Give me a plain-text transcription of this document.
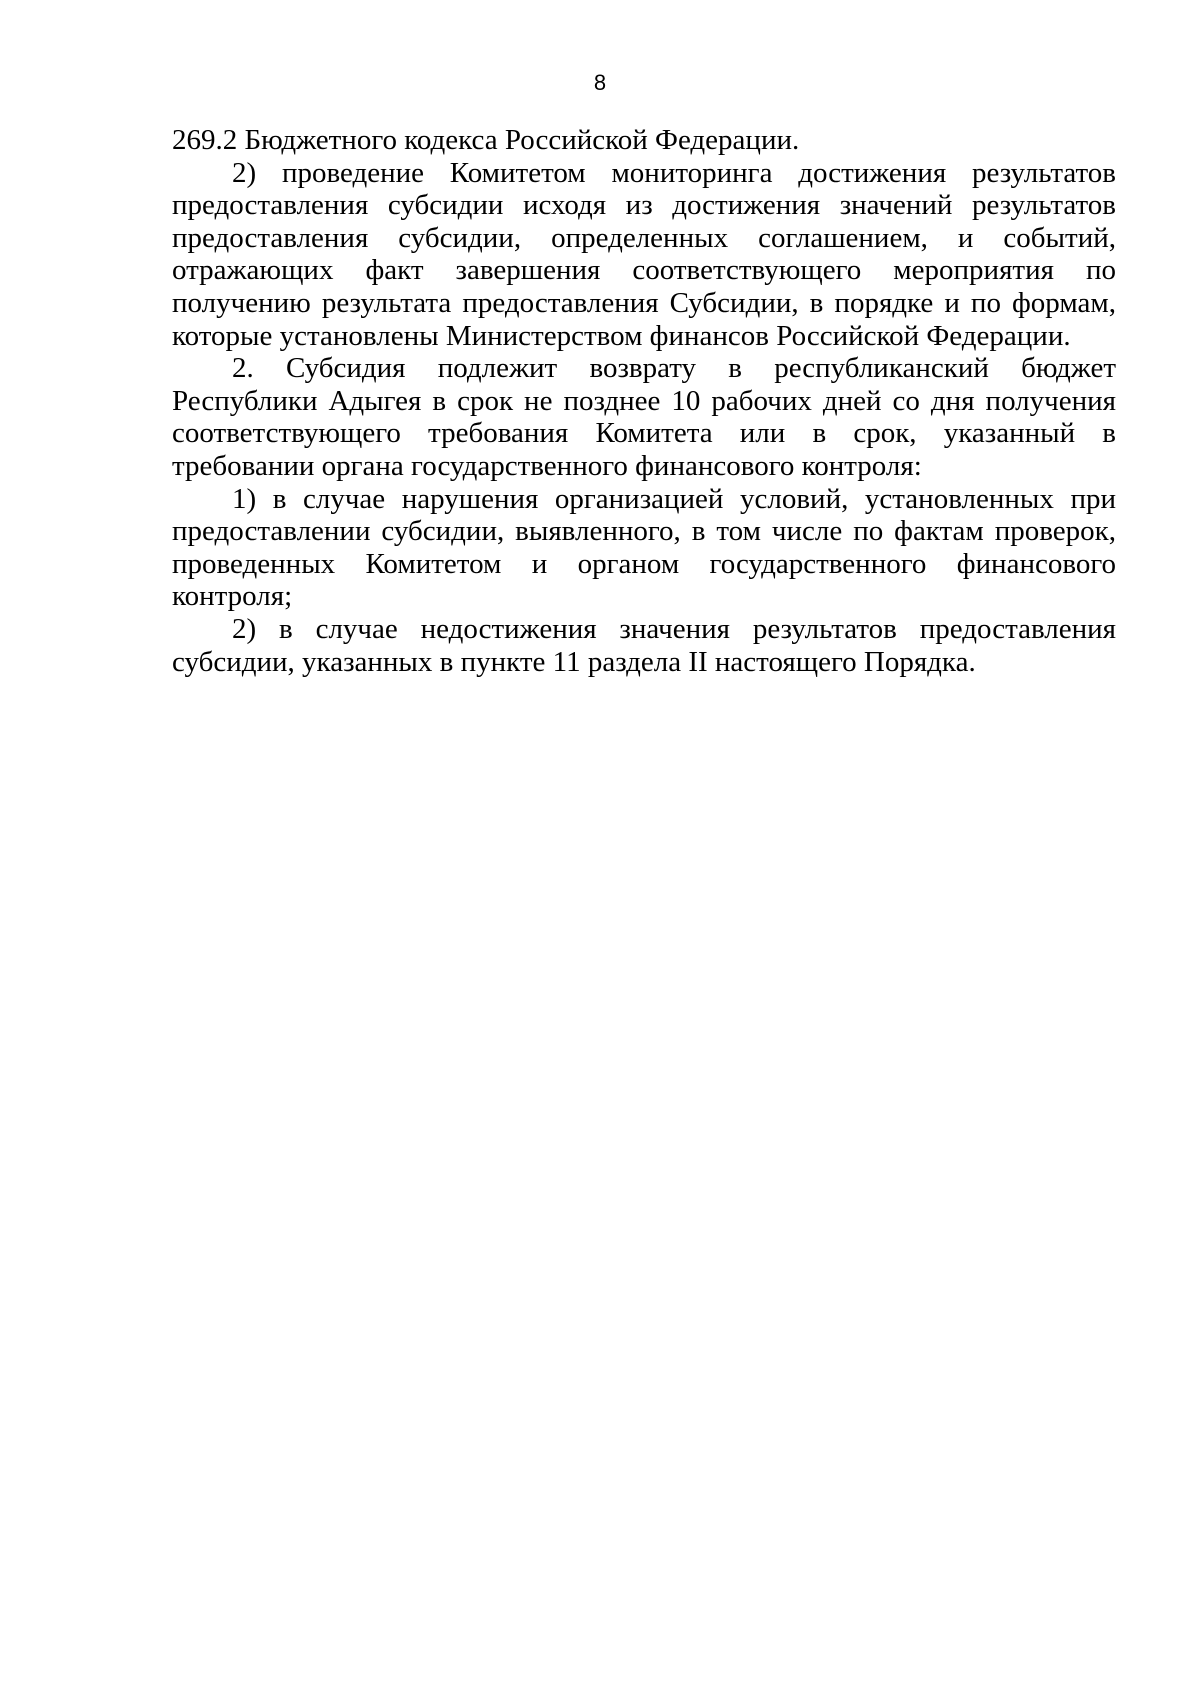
8

269.2 Бюджетного кодекса Российской Федерации.

2) проведение Комитетом мониторинга достижения результатов предоставления субсидии исходя из достижения значений результатов предоставления субсидии, определенных соглашением, и событий, отражающих факт завершения соответствующего мероприятия по получению результата предоставления Субсидии, в порядке и по формам, которые установлены Министерством финансов Российской Федерации.

2. Субсидия подлежит возврату в республиканский бюджет Республики Адыгея в срок не позднее 10 рабочих дней со дня получения соответствующего требования Комитета или в срок, указанный в требовании органа государственного финансового контроля:

1) в случае нарушения организацией условий, установленных при предоставлении субсидии, выявленного, в том числе по фактам проверок, проведенных Комитетом и органом государственного финансового контроля;

2) в случае недостижения значения результатов предоставления субсидии, указанных в пункте 11 раздела II настоящего Порядка.
